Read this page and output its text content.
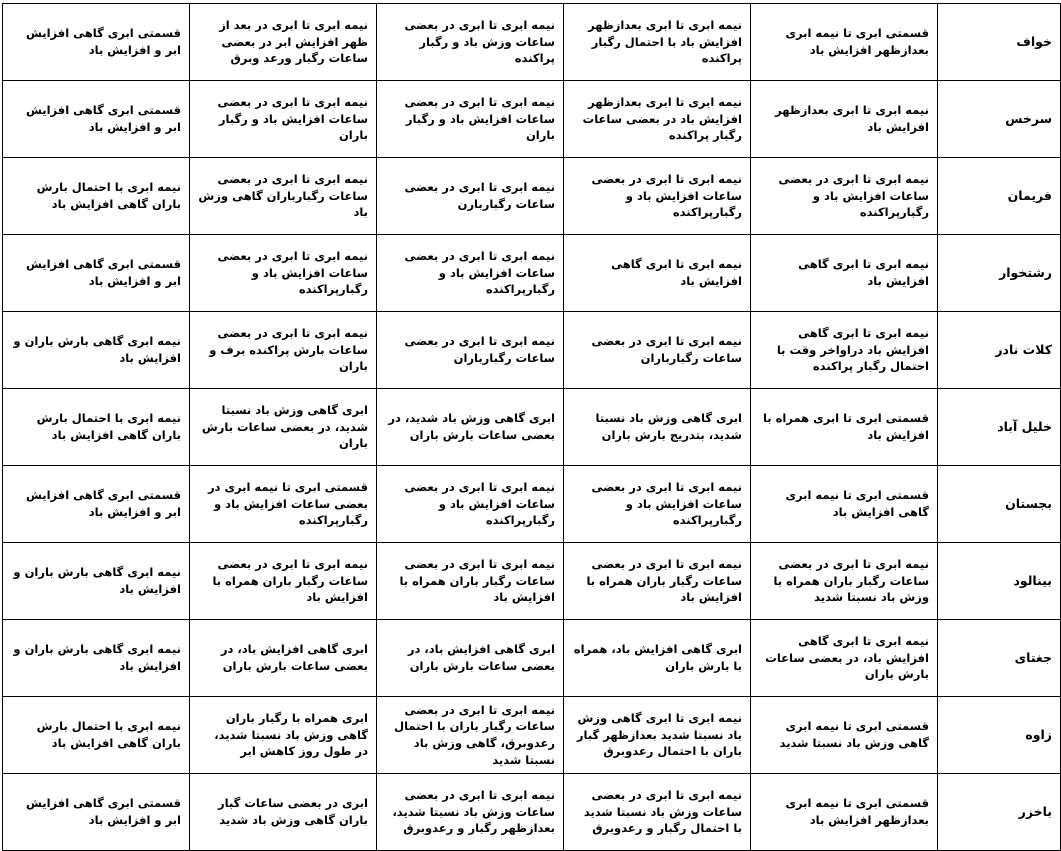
خواف	قسمتی ابری تا نیمه ابری بعدازظهر افزایش باد	نیمه ابری تا ابری بعدازظهر افزایش باد با احتمال رگبار پراکنده	نیمه ابری تا ابری در بعضی ساعات وزش باد و رگبار پراکنده	نیمه ابری تا ابری در بعد از ظهر افزایش ابر در بعضی ساعات رگبار ورعد وبرق	قسمتی ابری گاهی افزایش ابر و افزایش باد
سرخس	نیمه ابری تا ابری بعدازظهر افزایش باد	نیمه ابری تا ابری بعدازظهر افزایش باد در بعضی ساعات رگبار پراکنده	نیمه ابری تا ابری در بعضی ساعات افزایش باد و رگبار باران	نیمه ابری تا ابری در بعضی ساعات افزایش باد و رگبار باران	قسمتی ابری گاهی افزایش ابر و افزایش باد
فریمان	نیمه ابری تا ابری در بعضی ساعات افزایش باد و رگبارپراکنده	نیمه ابری تا ابری در بعضی ساعات افزایش باد و رگبارپراکنده	نیمه ابری تا ابری در بعضی ساعات رگباربارن	نیمه ابری تا ابری در بعضی ساعات رگبارباران گاهی وزش باد	نیمه ابری با احتمال بارش باران گاهی افزایش باد
رشتخوار	نیمه ابری تا ابری گاهی افزایش باد	نیمه ابری تا ابری گاهی افزایش باد	نیمه ابری تا ابری در بعضی ساعات افزایش باد و رگبارپراکنده	نیمه ابری تا ابری در بعضی ساعات افزایش باد و رگبارپراکنده	قسمتی ابری گاهی افزایش ابر و افزایش باد
کلات نادر	نیمه ابری تا ابری گاهی افزایش باد دراواخر وقت با احتمال رگبار پراکنده	نیمه ابری تا ابری در بعضی ساعات رگبارباران	نیمه ابری تا ابری در بعضی ساعات رگبارباران	نیمه ابری تا ابری در بعضی ساعات بارش پراکنده برف و باران	نیمه ابری گاهی بارش باران و افزایش باد
خلیل آباد	قسمتی ابری تا ابری همراه با افزایش باد	ابری گاهی وزش باد نسبتا شدید، بتدریج بارش باران	ابری گاهی وزش باد شدید، در بعضی ساعات بارش باران	ابری گاهی وزش باد نسبتا شدید، در بعضی ساعات بارش باران	نیمه ابری با احتمال بارش باران گاهی افزایش باد
بجستان	قسمتی ابری تا نیمه ابری گاهی افزایش باد	نیمه ابری تا ابری در بعضی ساعات افزایش باد و رگبارپراکنده	نیمه ابری تا ابری در بعضی ساعات افزایش باد و رگبارپراکنده	قسمتی ابری تا نیمه ابری در بعضی ساعات افزایش باد و رگبارپراکنده	قسمتی ابری گاهی افزایش ابر و افزایش باد
بینالود	نیمه ابری تا ابری در بعضی ساعات رگبار باران همراه با وزش باد نسبتا شدید	نیمه ابری تا ابری در بعضی ساعات رگبار باران همراه با افزایش باد	نیمه ابری تا ابری در بعضی ساعات رگبار باران همراه با افزایش باد	نیمه ابری تا ابری در بعضی ساعات رگبار باران همراه با افزایش باد	نیمه ابری گاهی بارش باران و افزایش باد
جغتای	نیمه ابری تا ابری گاهی افزایش باد، در بعضی ساعات بارش باران	ابری گاهی افزایش باد، همراه با بارش باران	ابری گاهی افزایش باد، در بعضی ساعات بارش باران	ابری گاهی افزایش باد، در بعضی ساعات بارش باران	نیمه ابری گاهی بارش باران و افزایش باد
زاوه	قسمتی ابری تا نیمه ابری گاهی وزش باد نسبتا شدید	نیمه ابری تا ابری گاهی وزش باد نسبتا شدید بعدازظهر گبار باران با احتمال رعدوبرق	نیمه ابری تا ابری در بعضی ساعات رگبار باران با احتمال رعدوبرق، گاهی وزش باد نسبتا شدید	ابری همراه با رگبار باران گاهی وزش باد نسبتا شدید، در طول روز کاهش ابر	نیمه ابری با احتمال بارش باران گاهی افزایش باد
باخزر	قسمتی ابری تا نیمه ابری بعدازظهر افزایش باد	نیمه ابری تا ابری در بعضی ساعات وزش باد نسبتا شدید با احتمال رگبار و رعدوبرق	نیمه ابری تا ابری در بعضی ساعات وزش باد نسبتا شدید، بعدازظهر رگبار و رعدوبرق	ابری در بعضی ساعات گبار باران گاهی وزش باد شدید	قسمتی ابری گاهی افزایش ابر و افزایش باد
